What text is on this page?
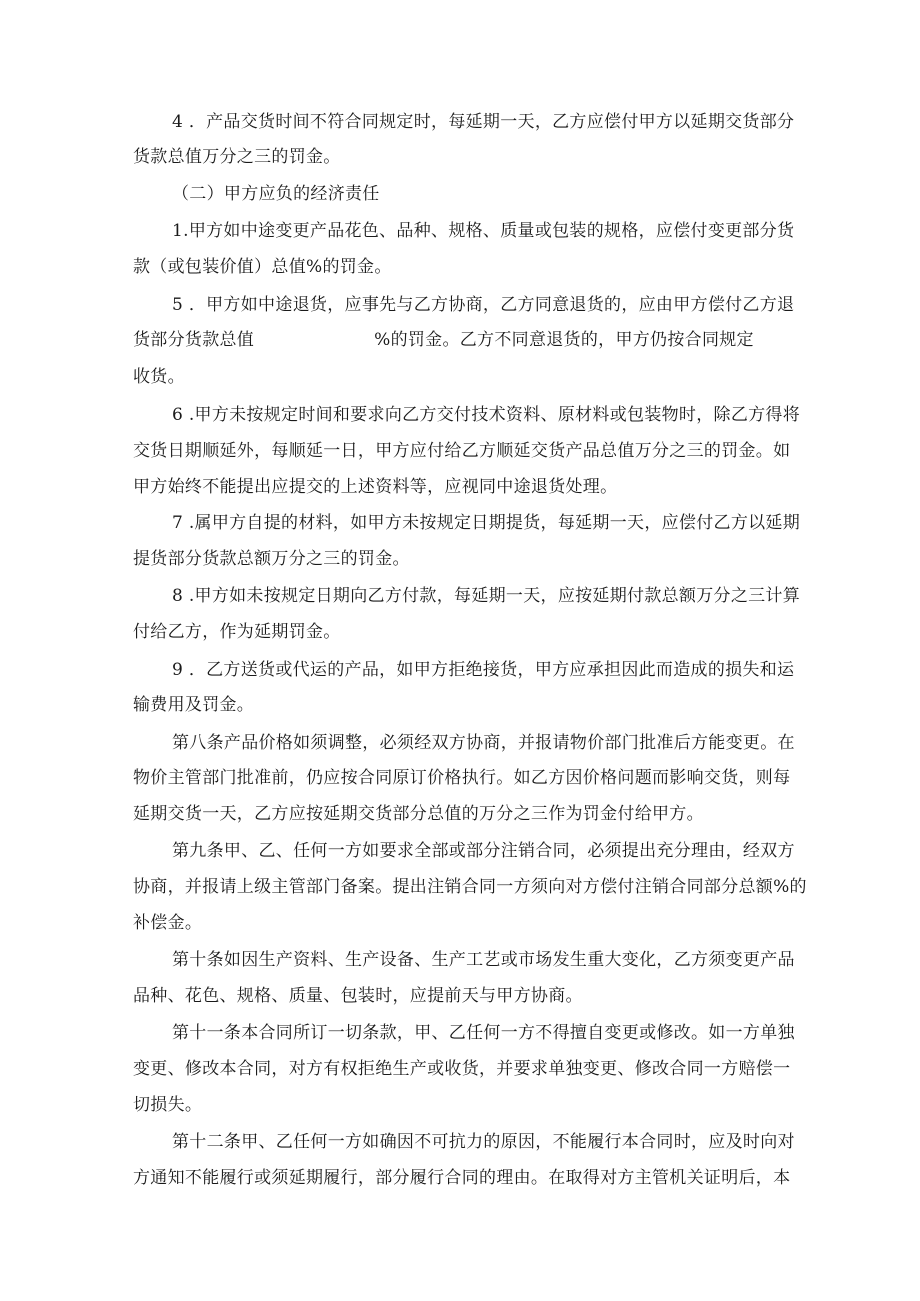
4 ．产品交货时间不符合同规定时，每延期一天，乙方应偿付甲方以延期交货部分
货款总值万分之三的罚金。
（二）甲方应负的经济责任
1.甲方如中途变更产品花色、品种、规格、质量或包装的规格，应偿付变更部分货
款（或包装价值）总值%的罚金。
5 ．甲方如中途退货，应事先与乙方协商，乙方同意退货的，应由甲方偿付乙方退
货部分货款总值	%的罚金。乙方不同意退货的，甲方仍按合同规定
收货。
6 .甲方未按规定时间和要求向乙方交付技术资料、原材料或包装物时，除乙方得将
交货日期顺延外，每顺延一日，甲方应付给乙方顺延交货产品总值万分之三的罚金。如
甲方始终不能提出应提交的上述资料等，应视同中途退货处理。
7 .属甲方自提的材料，如甲方未按规定日期提货，每延期一天，应偿付乙方以延期
提货部分货款总额万分之三的罚金。
8 .甲方如未按规定日期向乙方付款，每延期一天，应按延期付款总额万分之三计算
付给乙方，作为延期罚金。
9 ．乙方送货或代运的产品，如甲方拒绝接货，甲方应承担因此而造成的损失和运
输费用及罚金。
第八条产品价格如须调整，必须经双方协商，并报请物价部门批准后方能变更。在
物价主管部门批准前，仍应按合同原订价格执行。如乙方因价格问题而影响交货，则每
延期交货一天，乙方应按延期交货部分总值的万分之三作为罚金付给甲方。
第九条甲、乙、任何一方如要求全部或部分注销合同，必须提出充分理由，经双方
协商，并报请上级主管部门备案。提出注销合同一方须向对方偿付注销合同部分总额%的
补偿金。
第十条如因生产资料、生产设备、生产工艺或市场发生重大变化，乙方须变更产品
品种、花色、规格、质量、包装时，应提前天与甲方协商。
第十一条本合同所订一切条款，甲、乙任何一方不得擅自变更或修改。如一方单独
变更、修改本合同，对方有权拒绝生产或收货，并要求单独变更、修改合同一方赔偿一
切损失。
第十二条甲、乙任何一方如确因不可抗力的原因，不能履行本合同时，应及时向对
方通知不能履行或须延期履行，部分履行合同的理由。在取得对方主管机关证明后，本
